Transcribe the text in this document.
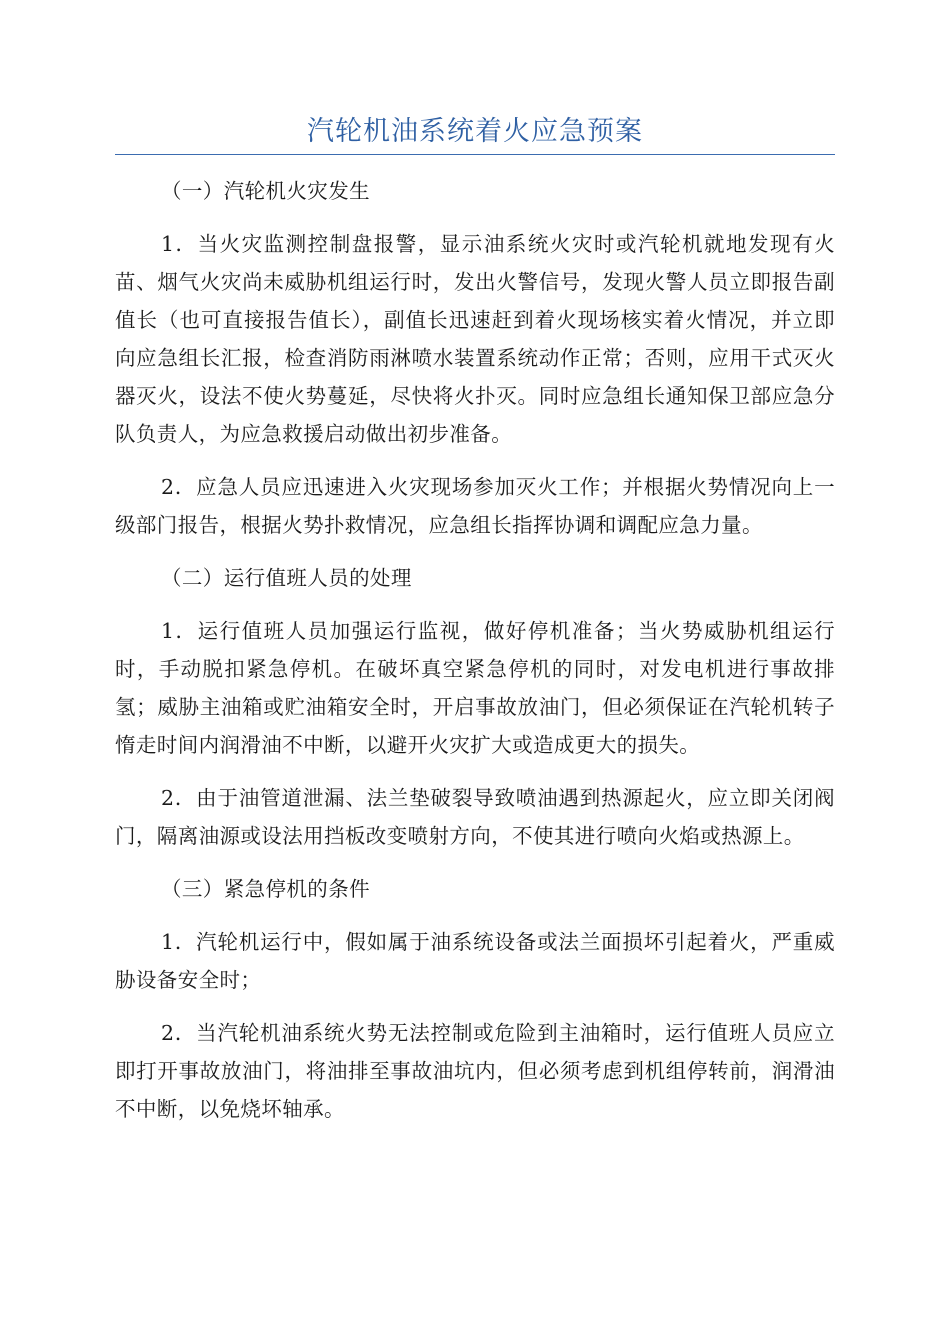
汽轮机油系统着火应急预案

（一）汽轮机火灾发生

1．当火灾监测控制盘报警，显示油系统火灾时或汽轮机就地发现有火苗、烟气火灾尚未威胁机组运行时，发出火警信号，发现火警人员立即报告副值长（也可直接报告值长），副值长迅速赶到着火现场核实着火情况，并立即向应急组长汇报，检查消防雨淋喷水装置系统动作正常；否则，应用干式灭火器灭火，设法不使火势蔓延，尽快将火扑灭。同时应急组长通知保卫部应急分队负责人，为应急救援启动做出初步准备。

2．应急人员应迅速进入火灾现场参加灭火工作；并根据火势情况向上一级部门报告，根据火势扑救情况，应急组长指挥协调和调配应急力量。

（二）运行值班人员的处理

1．运行值班人员加强运行监视，做好停机准备；当火势威胁机组运行时，手动脱扣紧急停机。在破坏真空紧急停机的同时，对发电机进行事故排氢；威胁主油箱或贮油箱安全时，开启事故放油门，但必须保证在汽轮机转子惰走时间内润滑油不中断，以避开火灾扩大或造成更大的损失。

2．由于油管道泄漏、法兰垫破裂导致喷油遇到热源起火，应立即关闭阀门，隔离油源或设法用挡板改变喷射方向，不使其进行喷向火焰或热源上。

（三）紧急停机的条件

1．汽轮机运行中，假如属于油系统设备或法兰面损坏引起着火，严重威胁设备安全时；

2．当汽轮机油系统火势无法控制或危险到主油箱时，运行值班人员应立即打开事故放油门，将油排至事故油坑内，但必须考虑到机组停转前，润滑油不中断，以免烧坏轴承。
